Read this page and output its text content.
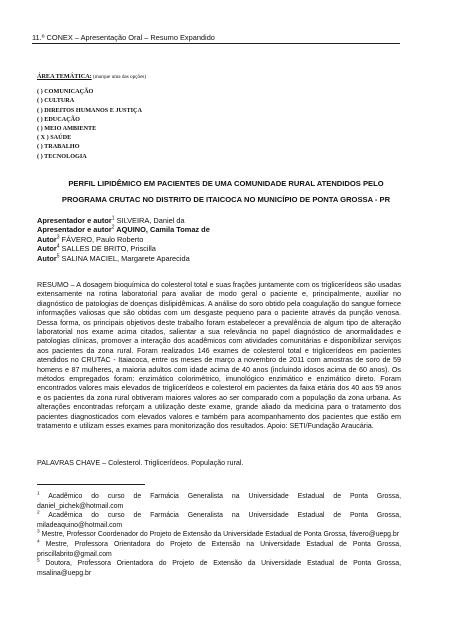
11.º CONEX – Apresentação Oral – Resumo Expandido
ÁREA TEMÁTICA: (marque uma das opções)
( ) COMUNICAÇÃO
( ) CULTURA
( ) DIREITOS HUMANOS E JUSTIÇA
( ) EDUCAÇÃO
( ) MEIO AMBIENTE
( X ) SAÚDE
( ) TRABALHO
( ) TECNOLOGIA
PERFIL LIPIDÊMICO EM PACIENTES DE UMA COMUNIDADE RURAL ATENDIDOS PELO
PROGRAMA CRUTAC NO DISTRITO DE ITAICOCA NO MUNICÍPIO DE PONTA GROSSA - PR
Apresentador e autor$^1$ SILVEIRA, Daniel da
Apresentador e autor$^2$ AQUINO, Camila Tomaz de
Autor$^3$ FÁVERO, Paulo Roberto
Autor$^4$ SALLES DE BRITO, Priscilla
Autor$^5$ SALINA MACIEL, Margarete Aparecida
RESUMO – A dosagem bioquímica do colesterol total e suas frações juntamente com os triglicerídeos são usadas extensamente na rotina laboratorial para avaliar de modo geral o paciente e, principalmente, auxiliar no diagnóstico de patologias de doenças dislipidêmicas. A análise do soro obtido pela coagulação do sangue fornece informações valiosas que são obtidas com um desgaste pequeno para o paciente através da punção venosa. Dessa forma, os principais objetivos deste trabalho foram estabelecer a prevalência de algum tipo de alteração laboratorial nos exame acima citados, salientar a sua relevância no papel diagnóstico de anormalidades e patologias clínicas, promover a interação dos acadêmicos com atividades comunitárias e disponibilizar serviços aos pacientes da zona rural. Foram realizados 146 exames de colesterol total e triglicerídeos em pacientes atendidos no CRUTAC - Itaiacoca, entre os meses de março a novembro de 2011 com amostras de soro de 59 homens e 87 mulheres, a maioria adultos com idade acima de 40 anos (incluindo idosos acima de 60 anos). Os métodos empregados foram: enzimático colorimétrico, imunológico enzimático e enzimático direto. Foram encontrados valores mais elevados de triglicerídeos e colesterol em pacientes da faixa etária dos 40 aos 59 anos e os pacientes da zona rural obtiveram maiores valores ao ser comparado com a população da zona urbana. As alterações encontradas reforçam a utilização deste exame, grande aliado da medicina para o tratamento dos pacientes diagnosticados com elevados valores e também para acompanhamento dos pacientes que estão em tratamento e utilizam esses exames para monitorização dos resultados. Apoio: SETI/Fundação Araucária.
PALAVRAS CHAVE – Colesterol. Triglicerídeos. População rural.
$^1$ Acadêmico do curso de Farmácia Generalista na Universidade Estadual de Ponta Grossa, daniel_pichek@hotmail.com
$^2$ Acadêmica do curso de Farmácia Generalista na Universidade Estadual de Ponta Grossa, miladeaquino@hotmail.com
$^3$ Mestre, Professor Coordenador do Projeto de Extensão da Universidade Estadual de Ponta Grossa, fávero@uepg.br
$^4$ Mestre, Professora Orientadora do Projeto de Extensão na Universidade Estadual de Ponta Grossa, priscillabrito@gmail.com
$^5$ Doutora, Professora Orientadora do Projeto de Extensão da Universidade Estadual de Ponta Grossa, msalina@uepg.br
